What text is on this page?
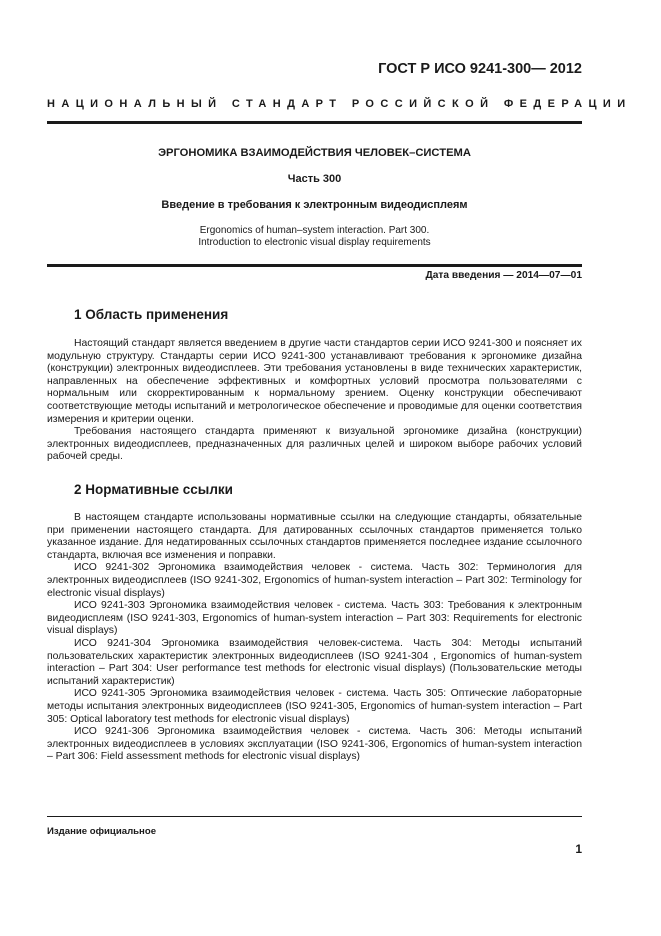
ГОСТ Р ИСО 9241-300— 2012
НАЦИОНАЛЬНЫЙ СТАНДАРТ РОССИЙСКОЙ ФЕДЕРАЦИИ
ЭРГОНОМИКА ВЗАИМОДЕЙСТВИЯ ЧЕЛОВЕК–СИСТЕМА
Часть 300
Введение в требования к электронным видеодисплеям
Ergonomics of human–system interaction. Part 300.
Introduction to electronic visual display requirements
Дата введения — 2014—07—01
1 Область применения

Настоящий стандарт является введением в другие части стандартов серии ИСО 9241-300 и поясняет их модульную структуру. Стандарты серии ИСО 9241-300 устанавливают требования к эргономике дизайна (конструкции) электронных видеодисплеев. Эти требования установлены в виде технических характеристик, направленных на обеспечение эффективных и комфортных условий просмотра пользователями с нормальным или скорректированным к нормальному зрением. Оценку конструкции обеспечивают соответствующие методы испытаний и метрологическое обеспечение и проводимые для оценки соответствия измерения и критерии оценки.

Требования настоящего стандарта применяют к визуальной эргономике дизайна (конструкции) электронных видеодисплеев, предназначенных для различных целей и широком выборе рабочих условий рабочей среды.

2 Нормативные ссылки

В настоящем стандарте использованы нормативные ссылки на следующие стандарты, обязательные при применении настоящего стандарта. Для датированных ссылочных стандартов применяется только указанное издание. Для недатированных ссылочных стандартов применяется последнее издание ссылочного стандарта, включая все изменения и поправки.

ИСО 9241-302 Эргономика взаимодействия человек - система. Часть 302: Терминология для электронных видеодисплеев (ISO 9241-302, Ergonomics of human-system interaction – Part 302: Terminology for electronic visual displays)

ИСО 9241-303 Эргономика взаимодействия человек - система. Часть 303: Требования к электронным видеодисплеям (ISO 9241-303, Ergonomics of human-system interaction – Part 303: Requirements for electronic visual displays)

ИСО 9241-304 Эргономика взаимодействия человек-система. Часть 304: Методы испытаний пользовательских характеристик электронных видеодисплеев (ISO 9241-304 , Ergonomics of human-system interaction – Part 304: User performance test methods for electronic visual displays) (Пользовательские методы испытаний характеристик)

ИСО 9241-305 Эргономика взаимодействия человек - система. Часть 305: Оптические лабораторные методы испытания электронных видеодисплеев (ISO 9241-305, Ergonomics of human-system interaction – Part 305: Optical laboratory test methods for electronic visual displays)

ИСО 9241-306 Эргономика взаимодействия человек - система. Часть 306: Методы испытаний электронных видеодисплеев в условиях эксплуатации (ISO 9241-306, Ergonomics of human-system interaction – Part 306: Field assessment methods for electronic visual displays)

Издание официальное
1
